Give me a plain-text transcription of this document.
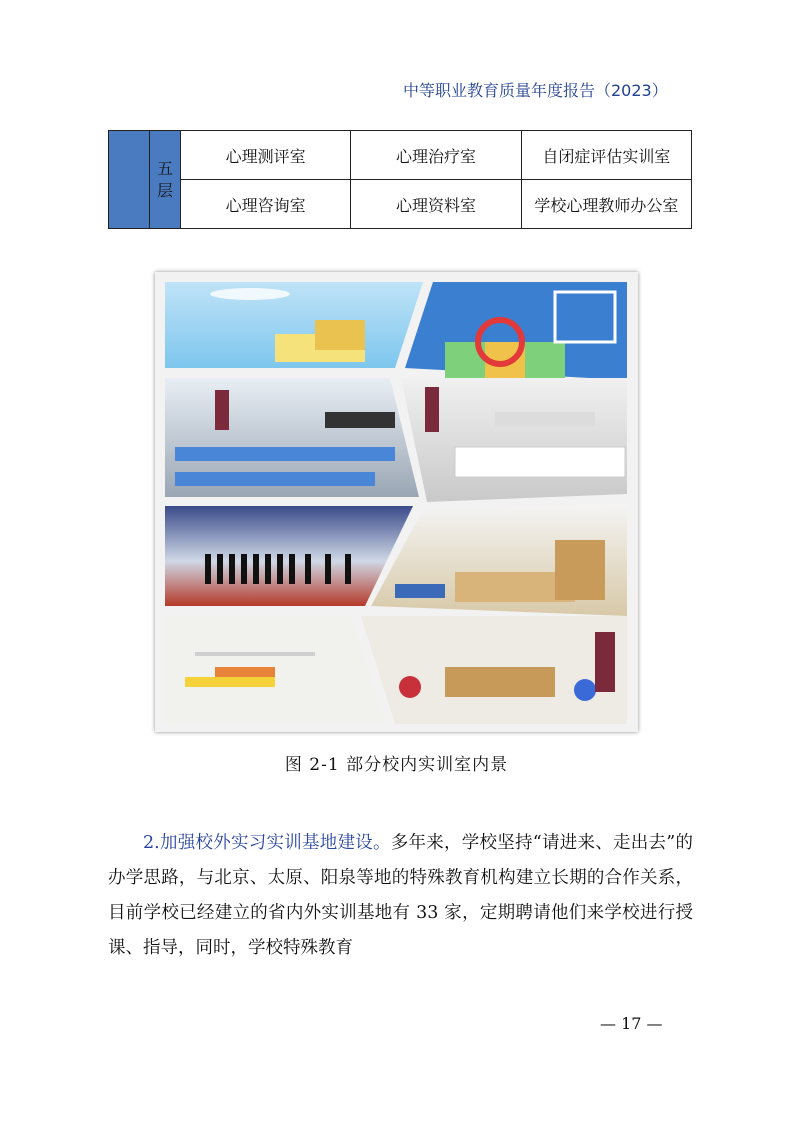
中等职业教育质量年度报告（2023）
	五层	心理测评室	心理治疗室	自闭症评估实训室
		心理咨询室	心理资料室	学校心理教师办公室
图 2-1 部分校内实训室内景
2.加强校外实习实训基地建设。多年来，学校坚持“请进来、走出去”的办学思路，与北京、太原、阳泉等地的特殊教育机构建立长期的合作关系，目前学校已经建立的省内外实训基地有 33 家，定期聘请他们来学校进行授课、指导，同时，学校特殊教育
— 17 —
